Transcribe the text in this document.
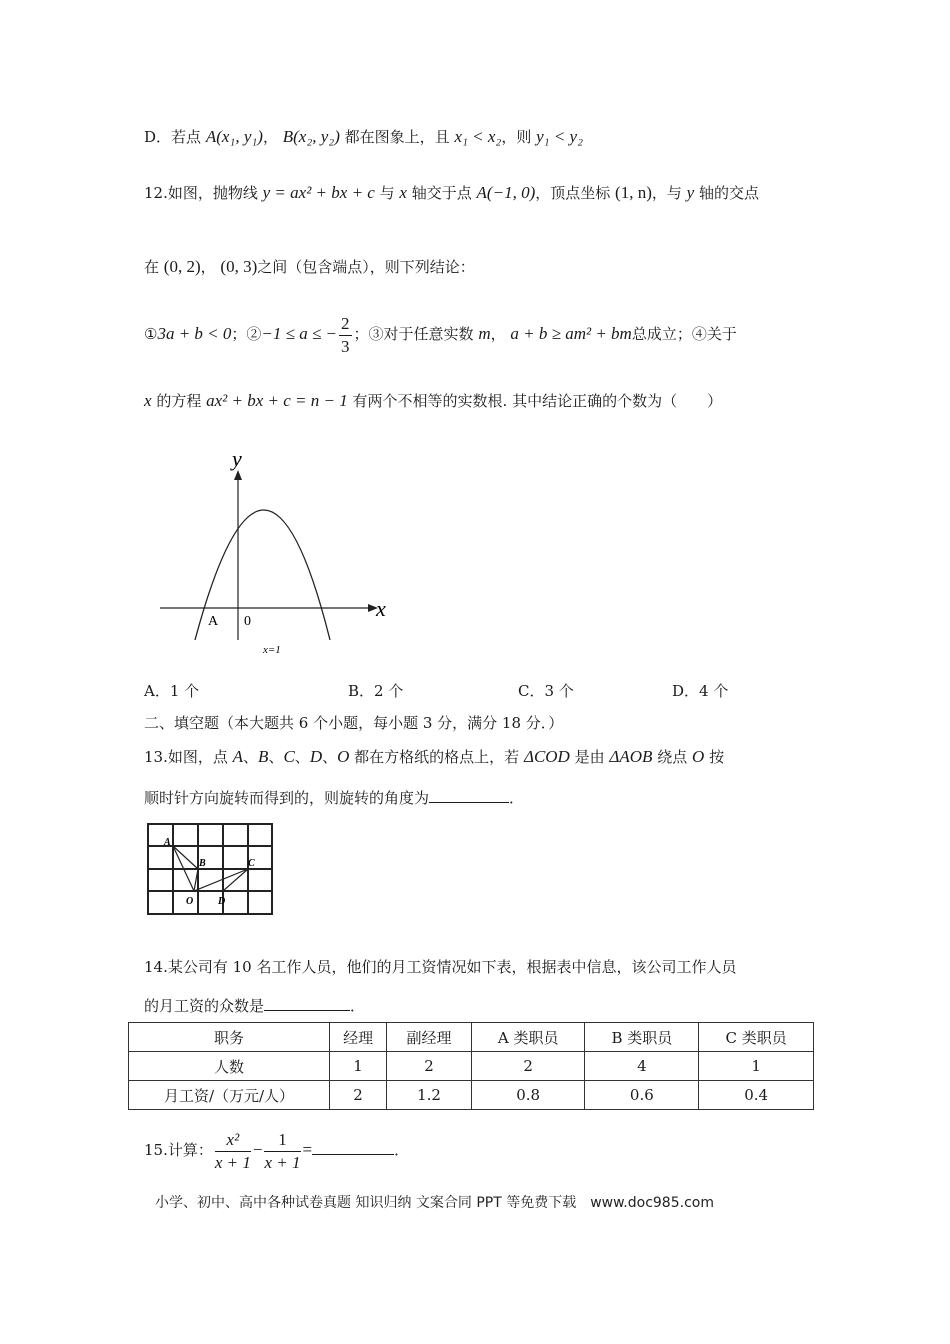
D．若点 A(x₁, y₁)， B(x₂, y₂) 都在图象上，且 x₁ < x₂，则 y₁ < y₂
12.如图，抛物线 y = ax² + bx + c 与 x 轴交于点 A(−1, 0)，顶点坐标 (1, n)，与 y 轴的交点
在 (0, 2)， (0, 3)之间（包含端点），则下列结论：
①3a + b < 0；②−1 ≤ a ≤ − $\frac{2}{3}$ ；③对于任意实数 m， a + b ≥ am² + bm总成立；④关于
x 的方程 ax² + bx + c = n − 1 有两个不相等的实数根. 其中结论正确的个数为（　　）
y
x
A 0
x=1
A．1 个	B．2 个	C．3 个	D．4 个
二、填空题（本大题共 6 个小题，每小题 3 分，满分 18 分．）
13.如图，点 A、B、C、D、O 都在方格纸的格点上，若 ΔCOD 是由 ΔAOB 绕点 O 按
顺时针方向旋转而得到的，则旋转的角度为	．
A
B	C
O D
14.某公司有 10 名工作人员，他们的月工资情况如下表，根据表中信息，该公司工作人员
的月工资的众数是	．
职务	经理	副经理	A 类职员	B 类职员	C 类职员
人数	1	2	2	4	1
月工资/（万元/人）	2	1.2	0.8	0.6	0.4
15.计算： $\frac{\text{x²}}{x + 1} - \frac{1}{x + 1}$ =	．
小学、初中、高中各种试卷真题 知识归纳 文案合同 PPT 等免费下载　www.doc985.com
